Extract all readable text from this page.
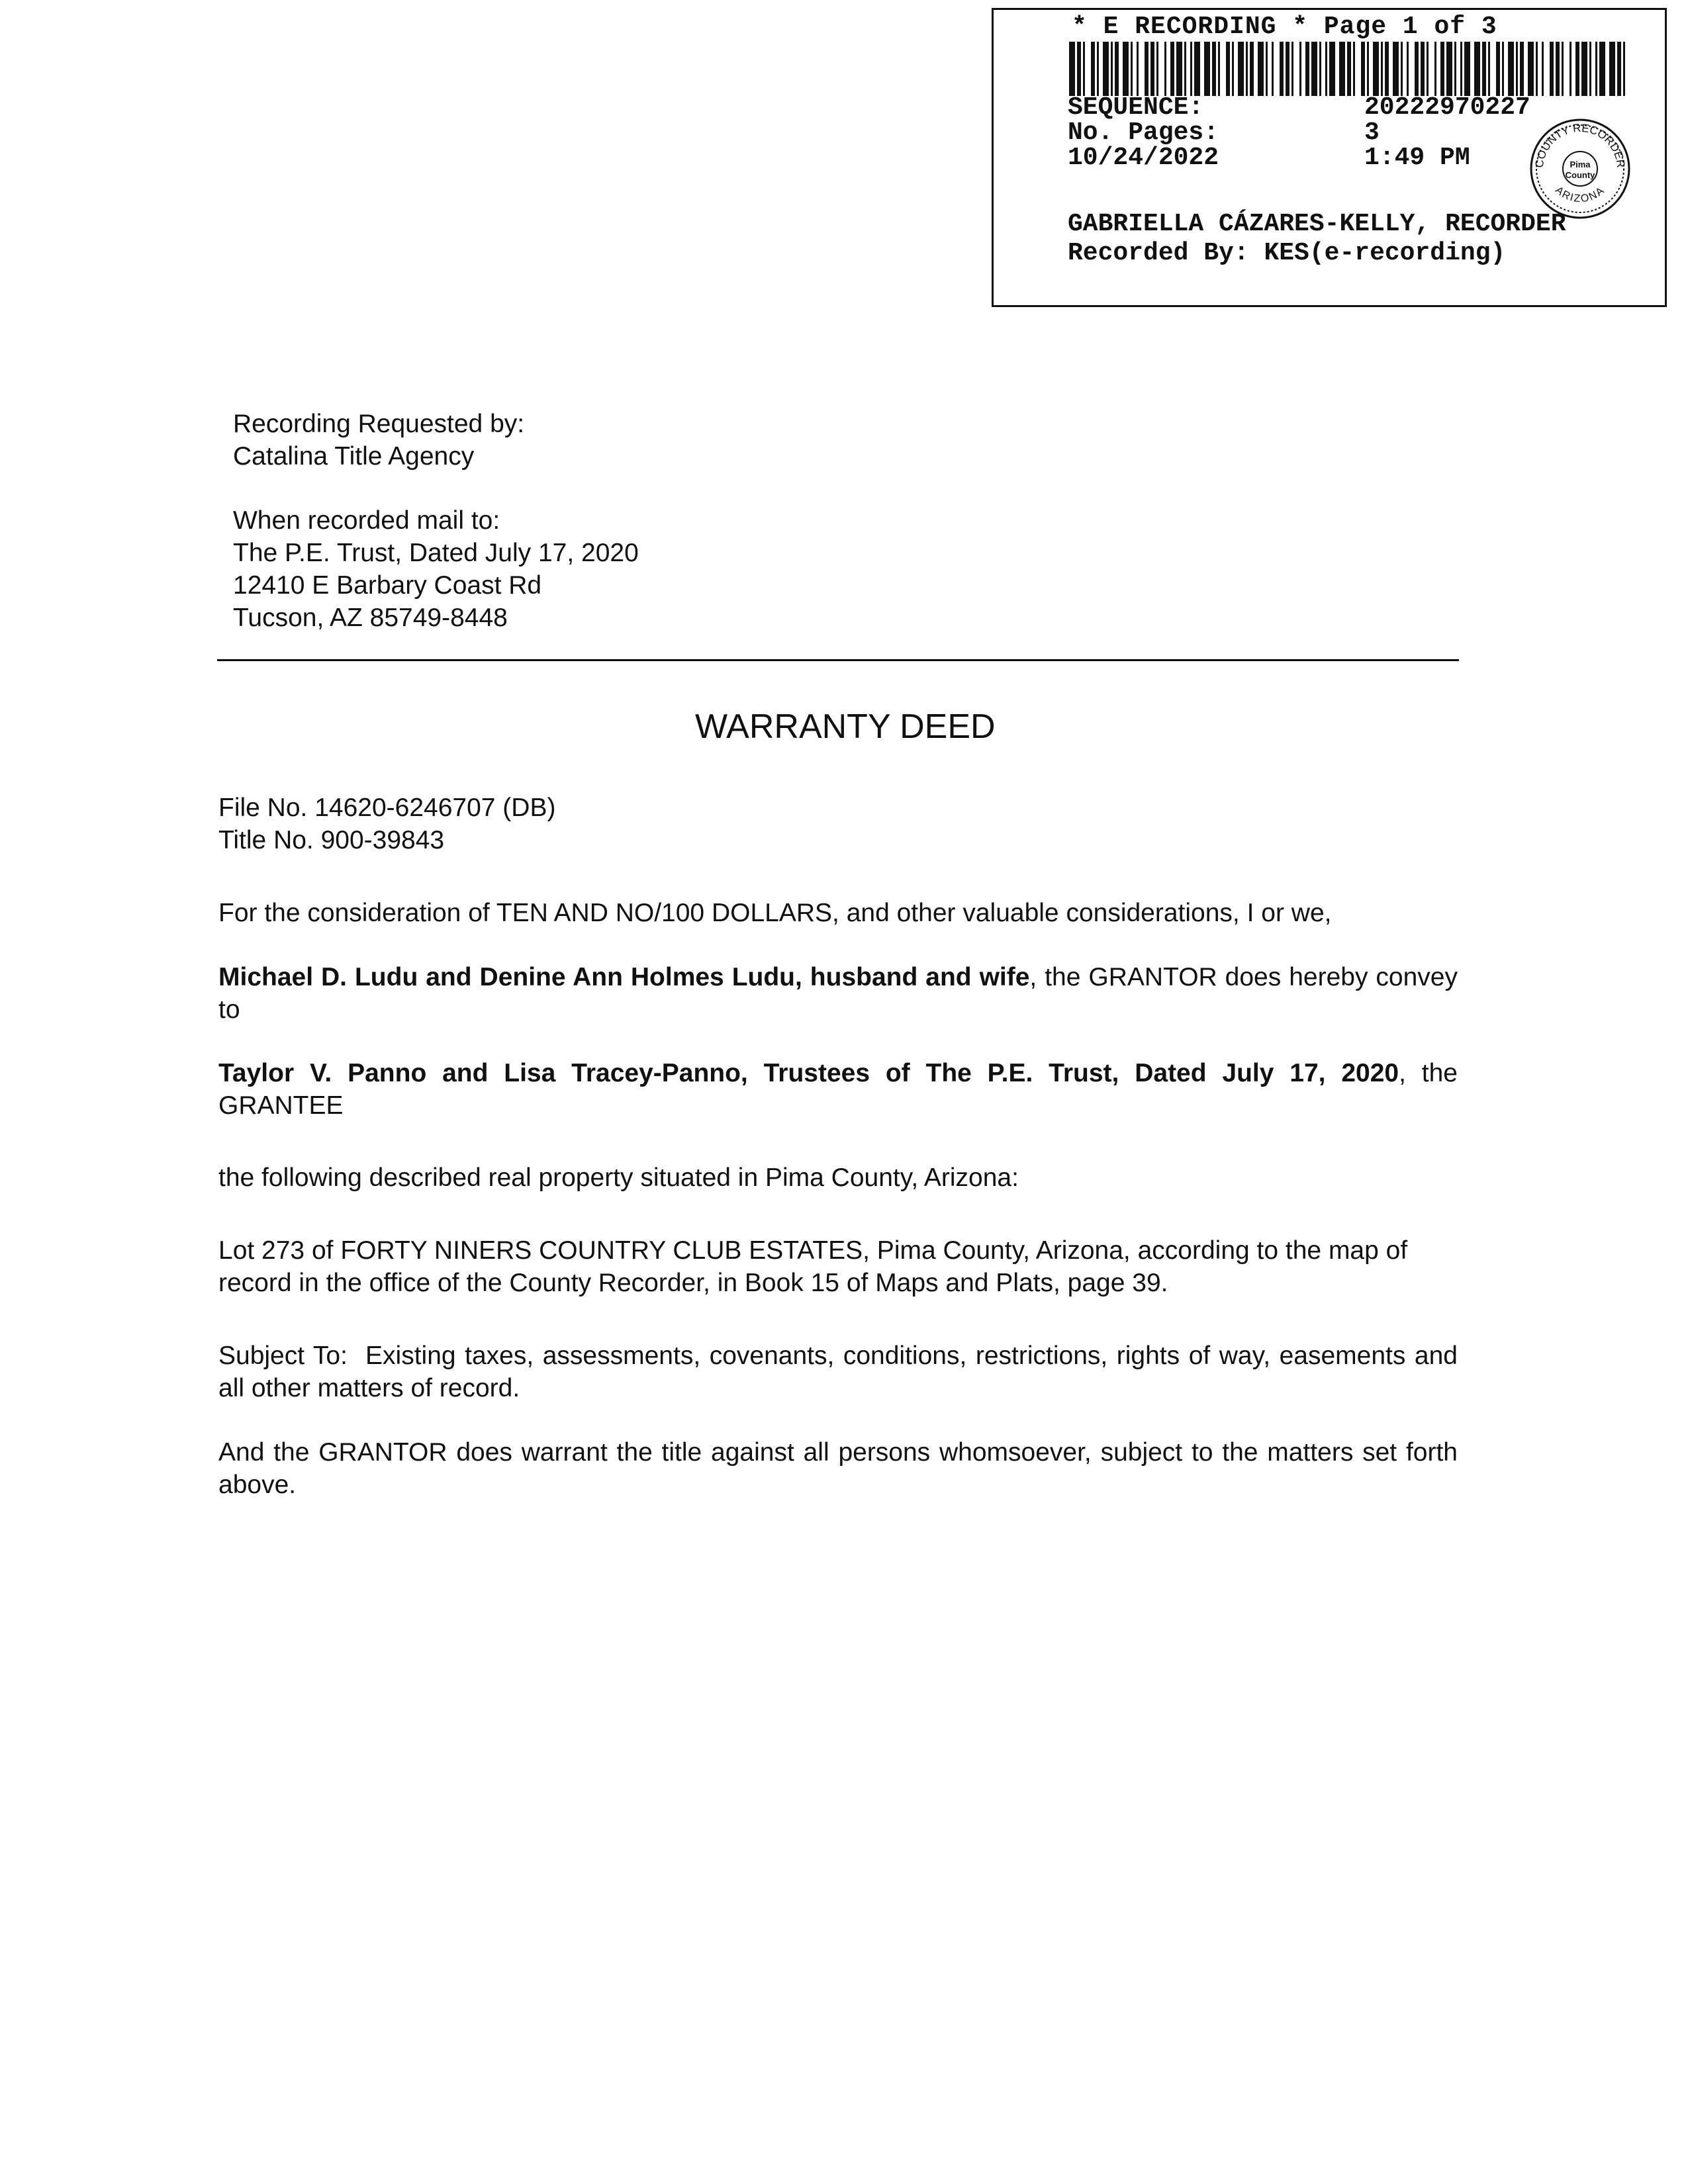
* E RECORDING * Page 1 of 3
SEQUENCE:	20222970227
No. Pages:	3
10/24/2022	1:49 PM	COUNTY RECORDER
ARIZONA
Pima
County
GABRIELLA CÁZARES-KELLY, RECORDER
Recorded By: KES(e-recording)
Recording Requested by:
Catalina Title Agency
When recorded mail to:
The P.E. Trust, Dated July 17, 2020
12410 E Barbary Coast Rd
Tucson, AZ 85749-8448
WARRANTY DEED
File No. 14620-6246707 (DB)
Title No. 900-39843
For the consideration of TEN AND NO/100 DOLLARS, and other valuable considerations, I or we,
Michael D. Ludu and Denine Ann Holmes Ludu, husband and wife, the GRANTOR does hereby convey to
Taylor V. Panno and Lisa Tracey-Panno, Trustees of The P.E. Trust, Dated July 17, 2020, the GRANTEE
the following described real property situated in Pima County, Arizona:
Lot 273 of FORTY NINERS COUNTRY CLUB ESTATES, Pima County, Arizona, according to the map of record in the office of the County Recorder, in Book 15 of Maps and Plats, page 39.
Subject To:  Existing taxes, assessments, covenants, conditions, restrictions, rights of way, easements and all other matters of record.
And the GRANTOR does warrant the title against all persons whomsoever, subject to the matters set forth above.
